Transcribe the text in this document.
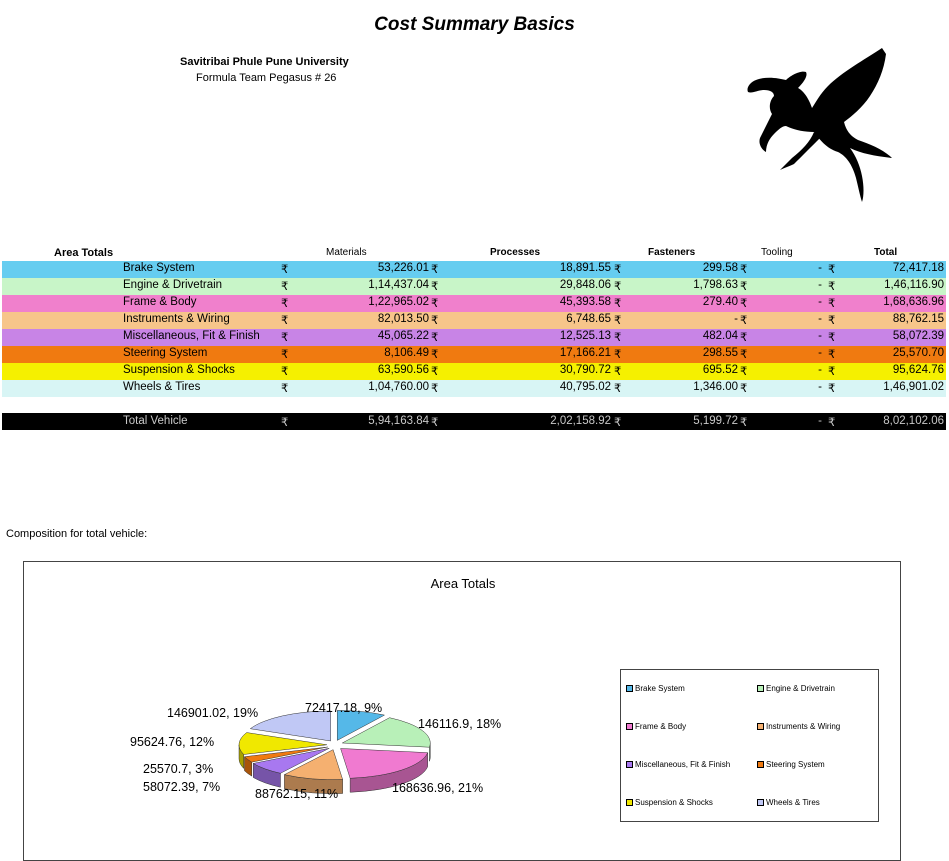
Cost Summary Basics
Savitribai Phule Pune University
Formula Team Pegasus # 26
Area Totals	Materials	Processes	Fasteners	Tooling	Total
Brake System	₹	53,226.01 ₹	18,891.55 ₹	299.58 ₹	- ₹	72,417.18
Engine & Drivetrain	₹	1,14,437.04 ₹	29,848.06 ₹	1,798.63 ₹	- ₹	1,46,116.90
Frame & Body	₹	1,22,965.02 ₹	45,393.58 ₹	279.40 ₹	- ₹	1,68,636.96
Instruments & Wiring	₹	82,013.50 ₹	6,748.65 ₹	- ₹	- ₹	88,762.15
Miscellaneous, Fit & Finish ₹	45,065.22 ₹	12,525.13 ₹	482.04 ₹	- ₹	58,072.39
Steering System	₹	8,106.49 ₹	17,166.21 ₹	298.55 ₹	- ₹	25,570.70
Suspension & Shocks	₹	63,590.56 ₹	30,790.72 ₹	695.52 ₹	- ₹	95,624.76
Wheels & Tires	₹	1,04,760.00 ₹	40,795.02 ₹	1,346.00 ₹	- ₹	1,46,901.02
Total Vehicle	₹	5,94,163.84 ₹	2,02,158.92 ₹	5,199.72 ₹	- ₹	8,02,102.06
Composition for total vehicle:
Area Totals
Brake System	Engine & Drivetrain
Frame & Body	Instruments & Wiring
Miscellaneous, Fit & Finish	Steering System
Suspension & Shocks	Wheels & Tires
72417.18, 9%
146116.9, 18%
168636.96, 21%
88762.15, 11%
58072.39, 7%
25570.7, 3%
95624.76, 12%
146901.02, 19%
